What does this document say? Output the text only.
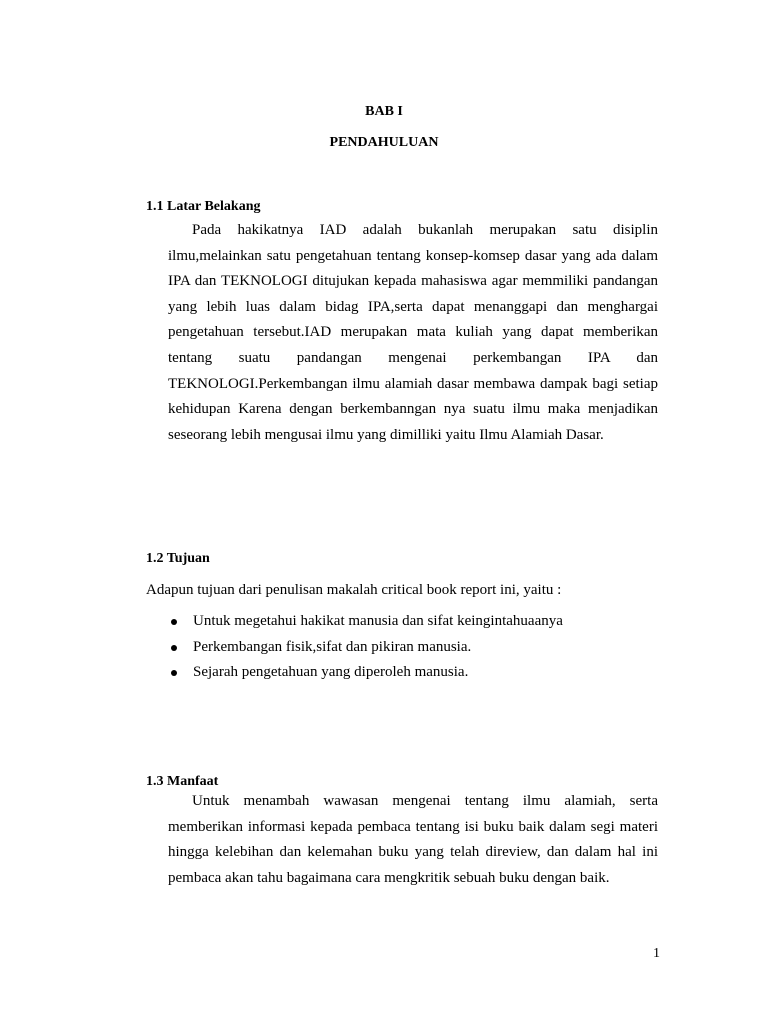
BAB I

PENDAHULUAN

1.1 Latar Belakang

Pada hakikatnya IAD adalah bukanlah merupakan satu disiplin ilmu,melainkan satu pengetahuan tentang konsep-komsep dasar yang ada dalam IPA dan TEKNOLOGI ditujukan kepada mahasiswa agar memmiliki pandangan yang lebih luas dalam bidag IPA,serta dapat menanggapi dan menghargai pengetahuan tersebut.IAD merupakan mata kuliah yang dapat memberikan tentang suatu pandangan mengenai perkembangan IPA dan TEKNOLOGI.Perkembangan ilmu alamiah dasar membawa dampak bagi setiap kehidupan Karena dengan berkembanngan nya suatu ilmu maka menjadikan seseorang lebih mengusai ilmu yang dimilliki yaitu Ilmu Alamiah Dasar.

1.2 Tujuan

Adapun tujuan dari penulisan makalah critical book report ini, yaitu :

Untuk megetahui hakikat manusia dan sifat keingintahuaanya
Perkembangan fisik,sifat dan pikiran manusia.
Sejarah pengetahuan yang diperoleh manusia.

1.3 Manfaat

Untuk menambah wawasan mengenai tentang ilmu alamiah, serta memberikan informasi kepada pembaca tentang isi buku baik dalam segi materi hingga kelebihan dan kelemahan buku yang telah direview, dan dalam hal ini pembaca akan tahu bagaimana cara mengkritik sebuah buku dengan baik.

1
